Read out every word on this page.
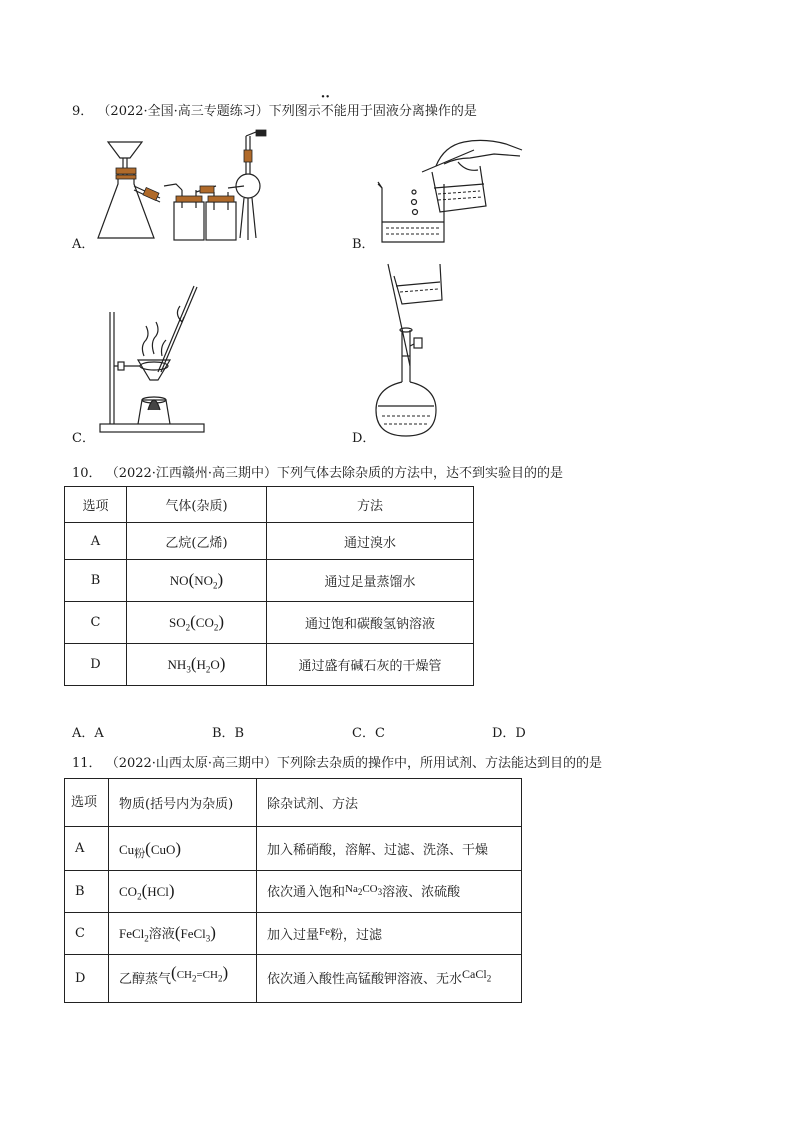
9． （2022·全国·高三专题练习）下列图示·· 不能用于固液分离操作的是
A．	B．
C．	D．
10． （2022·江西赣州·高三期中）下列气体去除杂质的方法中，达不到实验目的的是
选项	气体(杂质)	方法
A	乙烷(乙烯)	通过溴水
B	$NO(NO_2)$	通过足量蒸馏水
C	$SO_2(CO_2)$	通过饱和碳酸氢钠溶液
D	$NH_3(H_2O)$	通过盛有碱石灰的干燥管
A．A	B．B	C．C	D．D
11． （2022·山西太原·高三期中）下列除去杂质的操作中，所用试剂、方法能达到目的的是
选项	物质(括号内为杂质)	除杂试剂、方法
A	$Cu_粉(CuO)$	加入稀硝酸，溶解、过滤、洗涤、干燥
B	$CO_2(HCl)$	依次通入饱和$^{Na_2CO_3}$溶液、浓硫酸
C	FeCl$_2$溶液(FeCl$_3$)	加入过量$^{Fe}$粉，过滤
D	乙醇蒸气$(CH_2=CH_2)$	依次通入酸性高锰酸钾溶液、无水CaCl$_2$
